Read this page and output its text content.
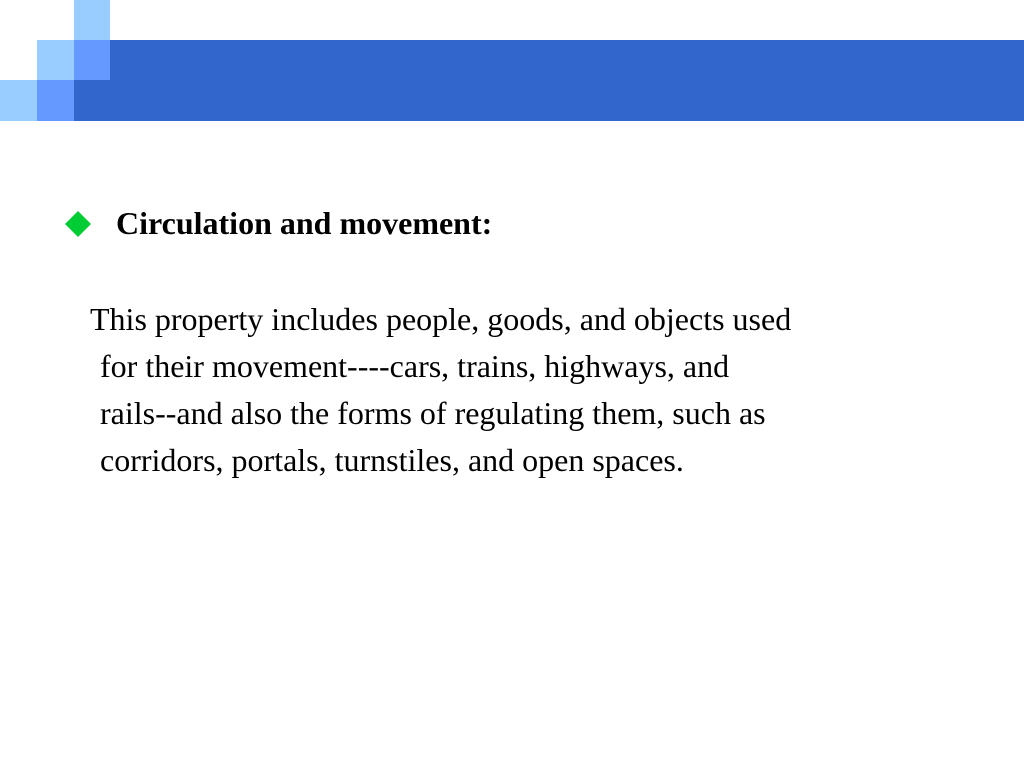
Circulation and movement:
This property includes people, goods, and objects used
for their movement----cars, trains, highways, and
rails--and also the forms of regulating them, such as
corridors, portals, turnstiles, and open spaces.
